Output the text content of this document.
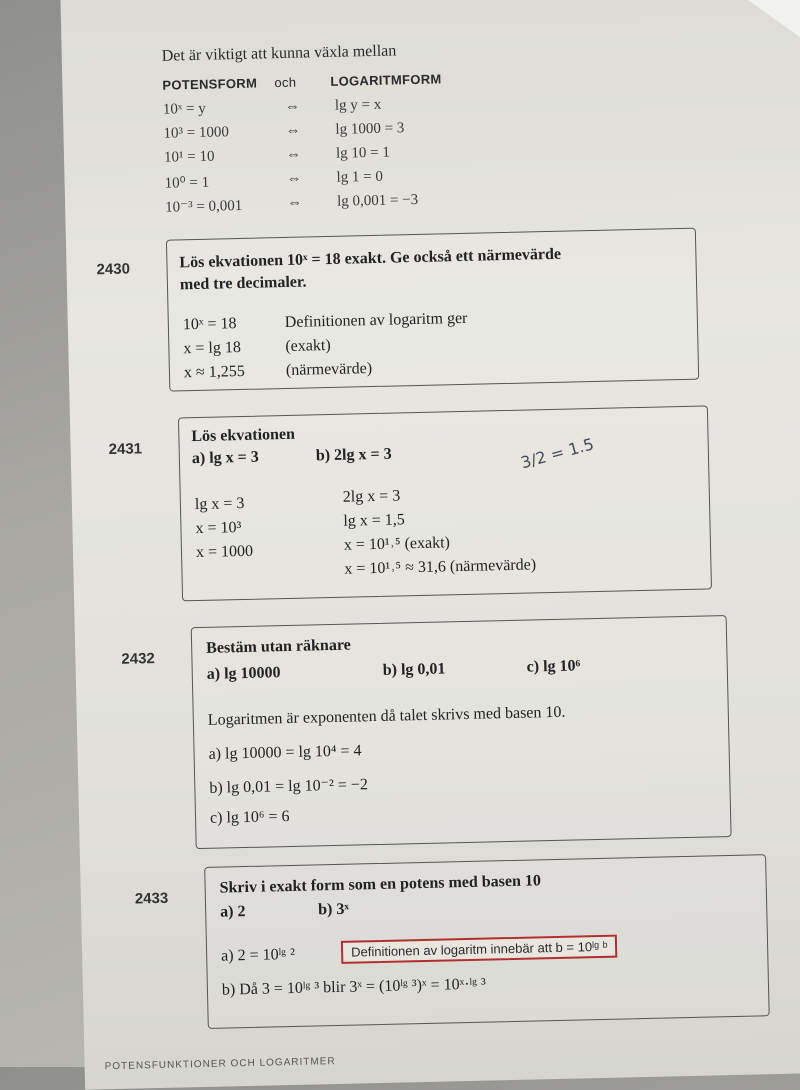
Det är viktigt att kunna växla mellan
POTENSFORM och	LOGARITMFORM
10ˣ = y	⇔ lg y = x
10³ = 1000	⇔ lg 1000 = 3
10¹ = 10	⇔ lg 10 = 1
10⁰ = 1	⇔ lg 1 = 0
10⁻³ = 0,001	⇔ lg 0,001 = −3
2430	Lös ekvationen 10ˣ = 18 exakt. Ge också ett närmevärde
med tre decimaler.
10ˣ = 18	Definitionen av logaritm ger
x = lg 18	(exakt)
x ≈ 1,255	(närmevärde)
2431
Lös ekvationen
a) lg x = 3	b) 2lg x = 3
lg x = 3
x = 10³
x = 1000
2lg x = 3
lg x = 1,5
x = 10¹˒⁵ (exakt)
x = 10¹˒⁵ ≈ 31,6 (närmevärde)
3/2 = 1.5
2432
Bestäm utan räknare
a) lg 10000	b) lg 0,01	c) lg 10⁶
Logaritmen är exponenten då talet skrivs med basen 10.
a) lg 10000 = lg 10⁴ = 4
b) lg 0,01 = lg 10⁻² = −2
c) lg 10⁶ = 6
2433
Skriv i exakt form som en potens med basen 10
a) 2	b) 3ˣ
a) 2 = 10ˡᵍ ²	Definitionen av logaritm innebär att b = 10ˡᵍ ᵇ
b) Då 3 = 10ˡᵍ ³ blir 3ˣ = (10ˡᵍ ³)ˣ = 10ˣ·ˡᵍ ³
POTENSFUNKTIONER OCH LOGARITMER
